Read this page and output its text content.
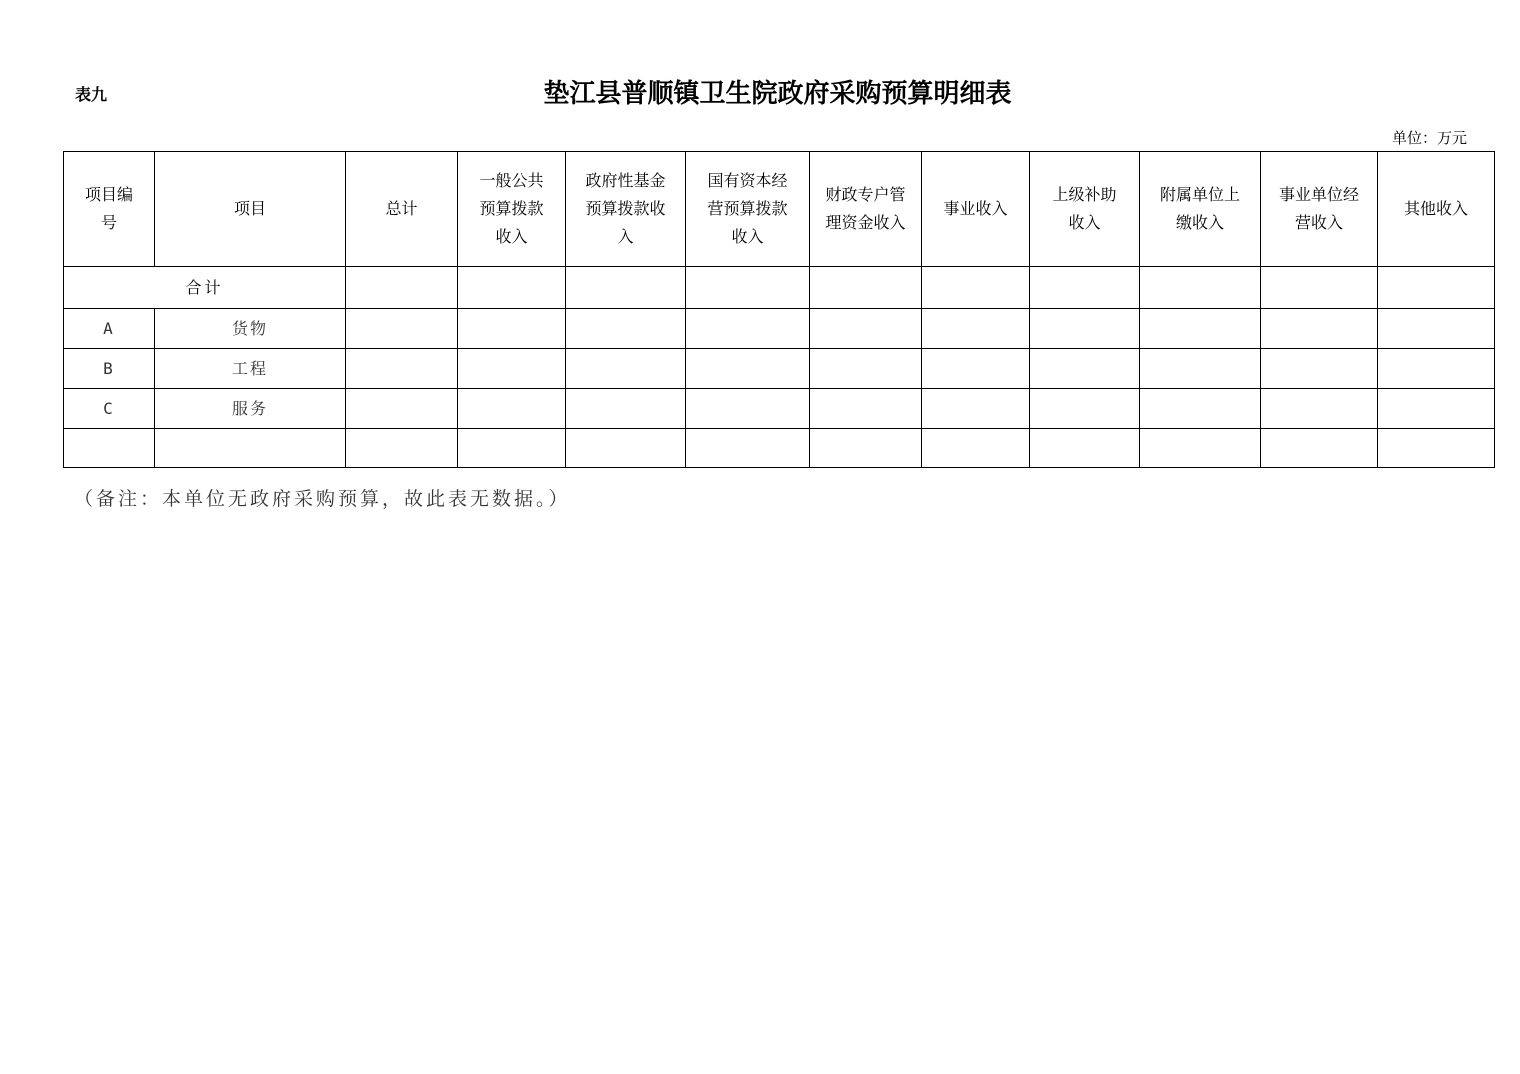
表九	垫江县普顺镇卫生院政府采购预算明细表
单位：万元
项目编号	项目	总计	一般公共预算拨款收入	政府性基金预算拨款收入	国有资本经营预算拨款收入	财政专户管理资金收入	事业收入	上级补助收入	附属单位上缴收入	事业单位经营收入	其他收入
合计											
A	货物										
B	工程										
C	服务										

（备注：本单位无政府采购预算，故此表无数据。）
